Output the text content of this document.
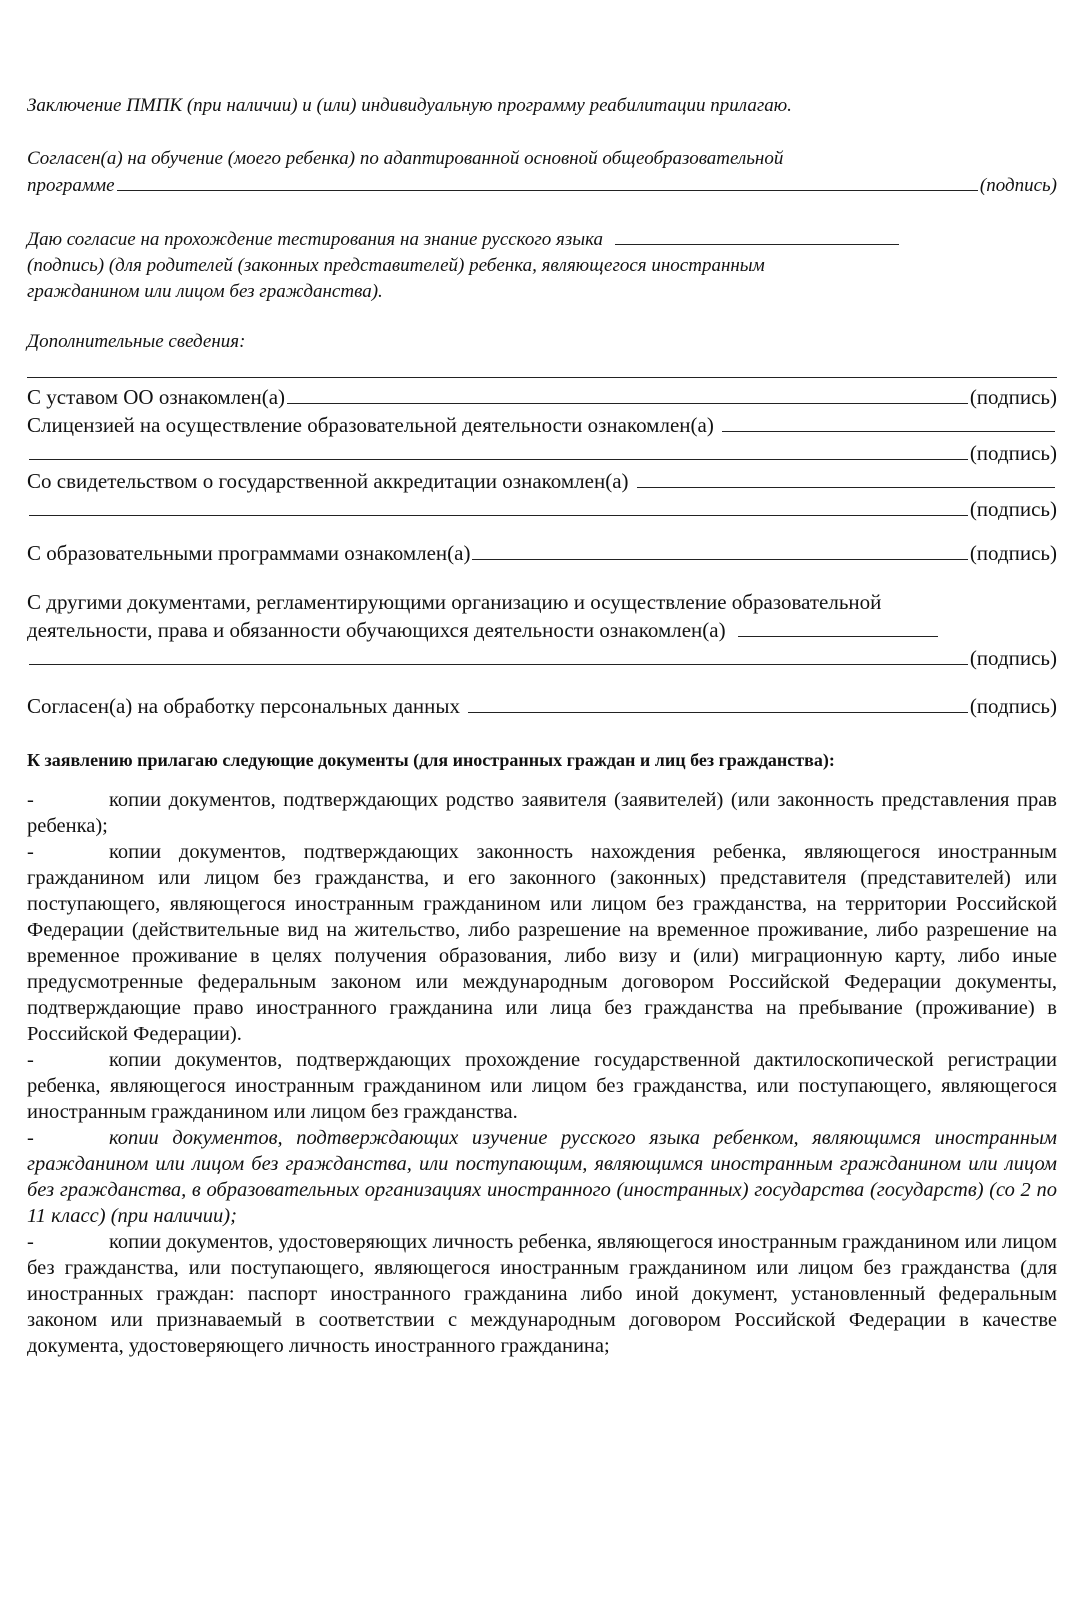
Заключение ПМПК (при наличии) и (или) индивидуальную программу реабилитации прилагаю.

Согласен(а) на обучение (моего ребенка) по адаптированной основной общеобразовательной
программе	(подпись)
Даю согласие на прохождение тестирования на знание русского языка
(подпись) (для родителей (законных представителей) ребенка, являющегося иностранным
гражданином или лицом без гражданства).
Дополнительные сведения:
С уставом ОО ознакомлен(а)	(подпись)
Слицензией на осуществление образовательной деятельности ознакомлен(а)
(подпись)
Со свидетельством о государственной аккредитации ознакомлен(а)
(подпись)
С образовательными программами ознакомлен(а)	(подпись)
С другими документами, регламентирующими организацию и осуществление образовательной
деятельности, права и обязанности обучающихся деятельности ознакомлен(а)
(подпись)
Согласен(а) на обработку персональных данных	(подпись)
К заявлению прилагаю следующие документы (для иностранных граждан и лиц без гражданства):

-	копии документов, подтверждающих родство заявителя (заявителей) (или законность представления прав ребенка);

-	копии документов, подтверждающих законность нахождения ребенка, являющегося иностранным гражданином или лицом без гражданства, и его законного (законных) представителя (представителей) или поступающего, являющегося иностранным гражданином или лицом без гражданства, на территории Российской Федерации (действительные вид на жительство, либо разрешение на временное проживание, либо разрешение на временное проживание в целях получения образования, либо визу и (или) миграционную карту, либо иные предусмотренные федеральным законом или международным договором Российской Федерации документы, подтверждающие право иностранного гражданина или лица без гражданства на пребывание (проживание) в Российской Федерации).

-	копии документов, подтверждающих прохождение государственной дактилоскопической регистрации ребенка, являющегося иностранным гражданином или лицом без гражданства, или поступающего, являющегося иностранным гражданином или лицом без гражданства.

-	копии документов, подтверждающих изучение русского языка ребенком, являющимся иностранным гражданином или лицом без гражданства, или поступающим, являющимся иностранным гражданином или лицом без гражданства, в образовательных организациях иностранного (иностранных) государства (государств) (со 2 по 11 класс) (при наличии);

-	копии документов, удостоверяющих личность ребенка, являющегося иностранным гражданином или лицом без гражданства, или поступающего, являющегося иностранным гражданином или лицом без гражданства (для иностранных граждан: паспорт иностранного гражданина либо иной документ, установленный федеральным законом или признаваемый в соответствии с международным договором Российской Федерации в качестве документа, удостоверяющего личность иностранного гражданина;
